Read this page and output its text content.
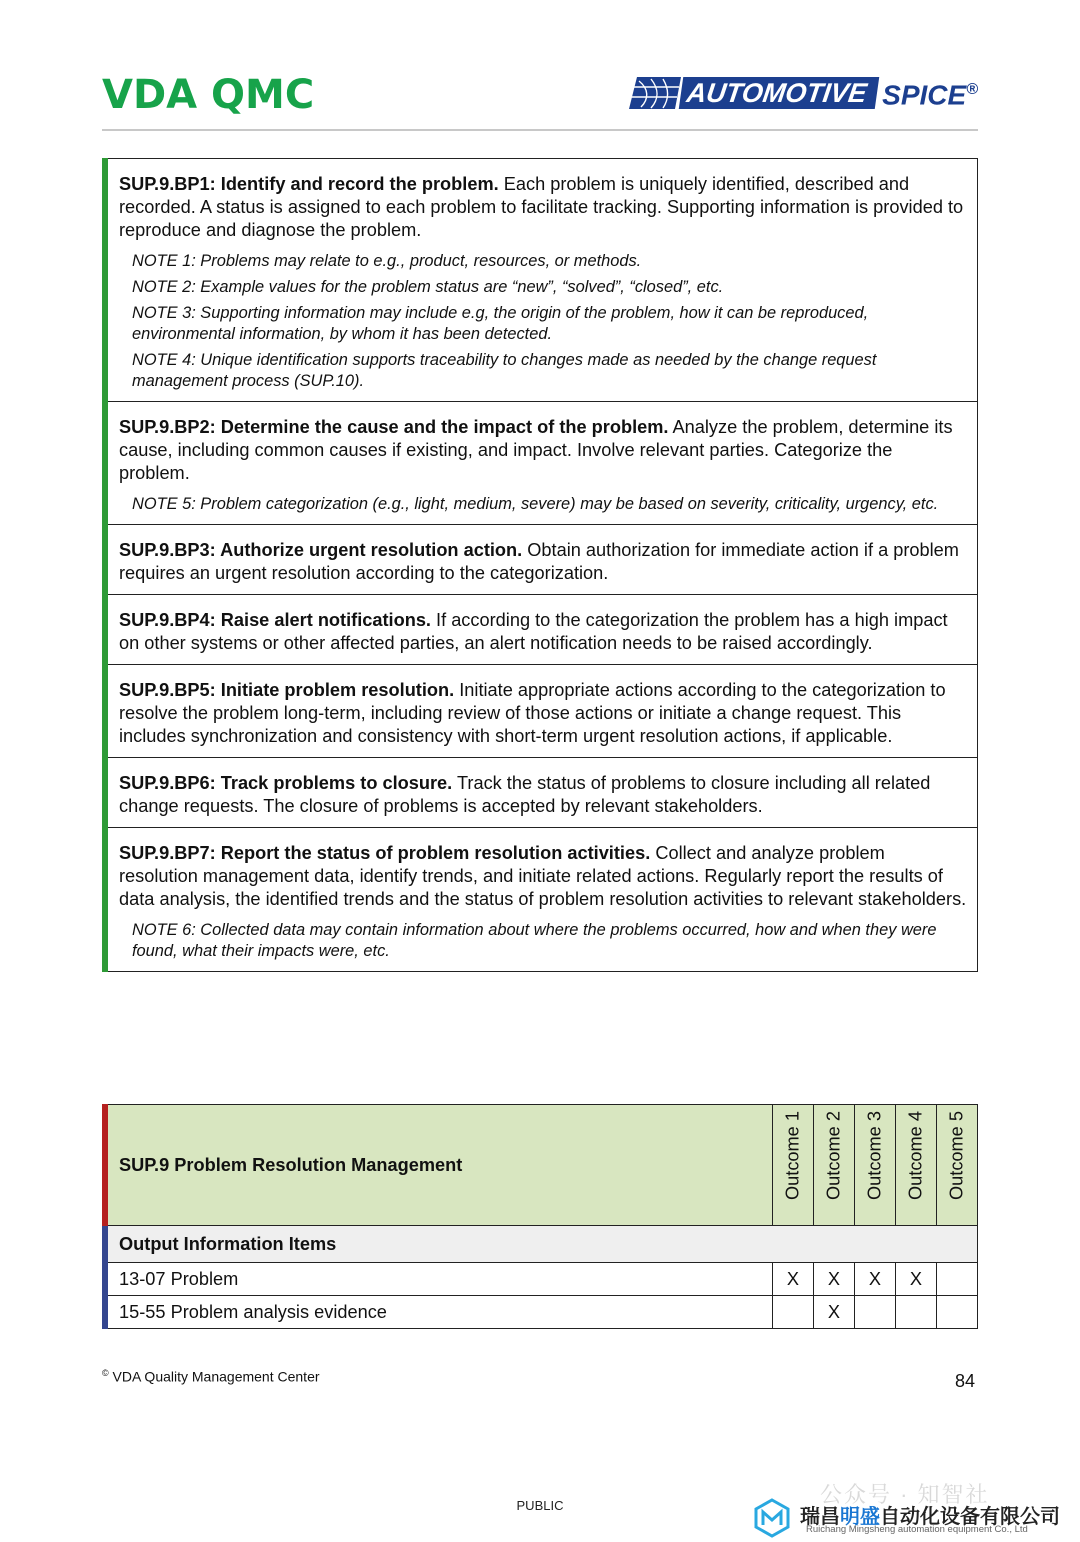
VDA QMC	AUTOMOTIVE SPICE®
SUP.9.BP1: Identify and record the problem. Each problem is uniquely identified, described and recorded. A status is assigned to each problem to facilitate tracking. Supporting information is provided to reproduce and diagnose the problem.
NOTE 1: Problems may relate to e.g., product, resources, or methods.
NOTE 2: Example values for the problem status are “new”, “solved”, “closed”, etc.
NOTE 3: Supporting information may include e.g, the origin of the problem, how it can be reproduced, environmental information, by whom it has been detected.
NOTE 4: Unique identification supports traceability to changes made as needed by the change request management process (SUP.10).

SUP.9.BP2: Determine the cause and the impact of the problem. Analyze the problem, determine its cause, including common causes if existing, and impact. Involve relevant parties. Categorize the problem.
NOTE 5: Problem categorization (e.g., light, medium, severe) may be based on severity, criticality, urgency, etc.

SUP.9.BP3: Authorize urgent resolution action. Obtain authorization for immediate action if a problem requires an urgent resolution according to the categorization.

SUP.9.BP4: Raise alert notifications. If according to the categorization the problem has a high impact on other systems or other affected parties, an alert notification needs to be raised accordingly.

SUP.9.BP5: Initiate problem resolution. Initiate appropriate actions according to the categorization to resolve the problem long-term, including review of those actions or initiate a change request. This includes synchronization and consistency with short-term urgent resolution actions, if applicable.

SUP.9.BP6: Track problems to closure. Track the status of problems to closure including all related change requests. The closure of problems is accepted by relevant stakeholders.

SUP.9.BP7: Report the status of problem resolution activities. Collect and analyze problem resolution management data, identify trends, and initiate related actions. Regularly report the results of data analysis, the identified trends and the status of problem resolution activities to relevant stakeholders.
NOTE 6: Collected data may contain information about where the problems occurred, how and when they were found, what their impacts were, etc.
SUP.9 Problem Resolution Management	Outcome 1	Outcome 2	Outcome 3	Outcome 4	Outcome 5

Output Information Items					
13-07 Problem	X	X	X	X	
15-55 Problem analysis evidence		X			
© VDA Quality Management Center	84
PUBLIC	公众号 · 知智社
瑞昌明盛自动化设备有限公司
Ruichang Mingsheng automation equipment Co., Ltd
